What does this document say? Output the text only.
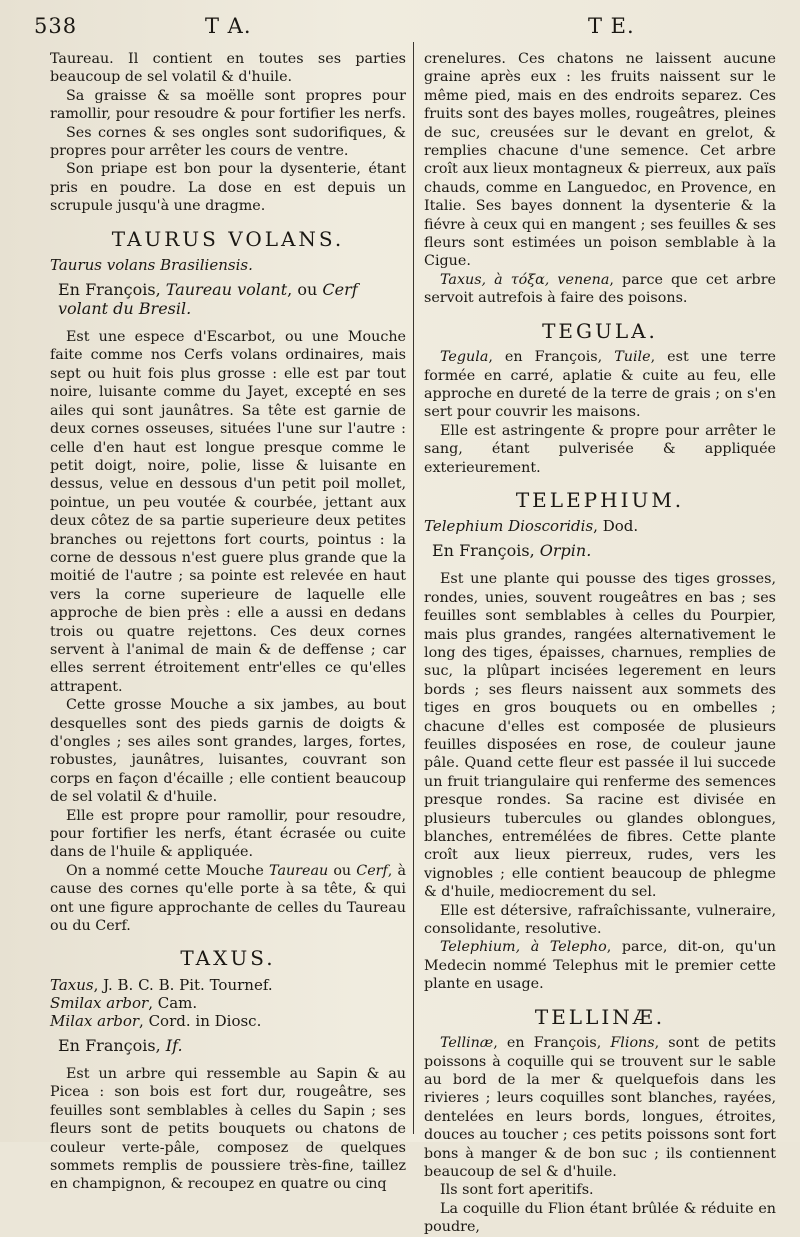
538	T A.	T E.

Taureau. Il contient en toutes ses parties beaucoup de sel volatil & d'huile.

Sa graisse & sa moëlle sont propres pour ramollir, pour resoudre & pour fortifier les nerfs.

Ses cornes & ses ongles sont sudorifiques, & propres pour arrêter les cours de ventre.

Son priape est bon pour la dysenterie, étant pris en poudre. La dose en est depuis un scrupule jusqu'à une dragme.

TAURUS VOLANS.

Taurus volans Brasiliensis.

En François, Taureau volant, ou Cerf volant du Bresil.

Est une espece d'Escarbot, ou une Mouche faite comme nos Cerfs volans ordinaires, mais sept ou huit fois plus grosse : elle est par tout noire, luisante comme du Jayet, excepté en ses ailes qui sont jaunâtres. Sa tête est garnie de deux cornes osseuses, situées l'une sur l'autre : celle d'en haut est longue presque comme le petit doigt, noire, polie, lisse & luisante en dessus, velue en dessous d'un petit poil mollet, pointue, un peu voutée & courbée, jettant aux deux côtez de sa partie superieure deux petites branches ou rejettons fort courts, pointus : la corne de dessous n'est guere plus grande que la moitié de l'autre ; sa pointe est relevée en haut vers la corne superieure de laquelle elle approche de bien près : elle a aussi en dedans trois ou quatre rejettons. Ces deux cornes servent à l'animal de main & de deffense ; car elles serrent étroitement entr'elles ce qu'elles attrapent.

Cette grosse Mouche a six jambes, au bout desquelles sont des pieds garnis de doigts & d'ongles ; ses ailes sont grandes, larges, fortes, robustes, jaunâtres, luisantes, couvrant son corps en façon d'écaille ; elle contient beaucoup de sel volatil & d'huile.

Elle est propre pour ramollir, pour resoudre, pour fortifier les nerfs, étant écrasée ou cuite dans de l'huile & appliquée.

On a nommé cette Mouche Taureau ou Cerf, à cause des cornes qu'elle porte à sa tête, & qui ont une figure approchante de celles du Taureau ou du Cerf.

TAXUS.

Taxus, J. B. C. B. Pit. Tournef.

Smilax arbor, Cam.

Milax arbor, Cord. in Diosc.

En François, If.

Est un arbre qui ressemble au Sapin & au Picea : son bois est fort dur, rougeâtre, ses feuilles sont semblables à celles du Sapin ; ses fleurs sont de petits bouquets ou chatons de couleur verte-pâle, composez de quelques sommets remplis de poussiere très-fine, taillez en champignon, & recoupez en quatre ou cinq

crenelures. Ces chatons ne laissent aucune graine après eux : les fruits naissent sur le même pied, mais en des endroits separez. Ces fruits sont des bayes molles, rougeâtres, pleines de suc, creusées sur le devant en grelot, & remplies chacune d'une semence. Cet arbre croît aux lieux montagneux & pierreux, aux païs chauds, comme en Languedoc, en Provence, en Italie. Ses bayes donnent la dysenterie & la fiévre à ceux qui en mangent ; ses feuilles & ses fleurs sont estimées un poison semblable à la Cigue.

Taxus, à τόξα, venena, parce que cet arbre servoit autrefois à faire des poisons.

TEGULA.

Tegula, en François, Tuile, est une terre formée en carré, aplatie & cuite au feu, elle approche en dureté de la terre de grais ; on s'en sert pour couvrir les maisons.

Elle est astringente & propre pour arrêter le sang, étant pulverisée & appliquée exterieurement.

TELEPHIUM.

Telephium Dioscoridis, Dod.

En François, Orpin.

Est une plante qui pousse des tiges grosses, rondes, unies, souvent rougeâtres en bas ; ses feuilles sont semblables à celles du Pourpier, mais plus grandes, rangées alternativement le long des tiges, épaisses, charnues, remplies de suc, la plûpart incisées legerement en leurs bords ; ses fleurs naissent aux sommets des tiges en gros bouquets ou en ombelles ; chacune d'elles est composée de plusieurs feuilles disposées en rose, de couleur jaune pâle. Quand cette fleur est passée il lui succede un fruit triangulaire qui renferme des semences presque rondes. Sa racine est divisée en plusieurs tubercules ou glandes oblongues, blanches, entremélées de fibres. Cette plante croît aux lieux pierreux, rudes, vers les vignobles ; elle contient beaucoup de phlegme & d'huile, mediocrement du sel.

Elle est détersive, rafraîchissante, vulneraire, consolidante, resolutive.

Telephium, à Telepho, parce, dit-on, qu'un Medecin nommé Telephus mit le premier cette plante en usage.

TELLINÆ.

Tellinæ, en François, Flions, sont de petits poissons à coquille qui se trouvent sur le sable au bord de la mer & quelquefois dans les rivieres ; leurs coquilles sont blanches, rayées, dentelées en leurs bords, longues, étroites, douces au toucher ; ces petits poissons sont fort bons à manger & de bon suc ; ils contiennent beaucoup de sel & d'huile.

Ils sont fort aperitifs.

La coquille du Flion étant brûlée & réduite en poudre,
